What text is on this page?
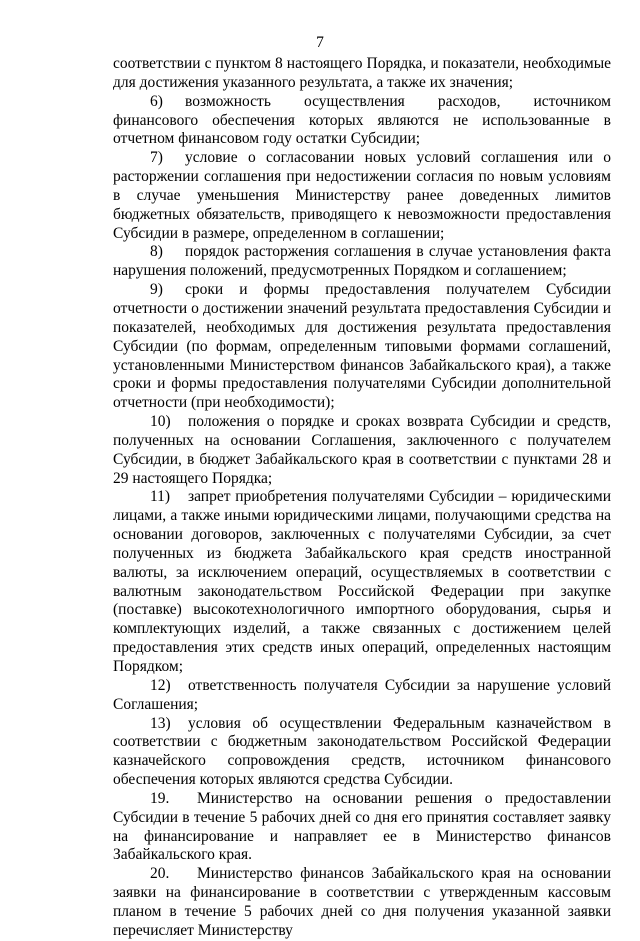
7

соответствии с пунктом 8 настоящего Порядка, и показатели, необходимые для достижения указанного результата, а также их значения;

6) возможность осуществления расходов, источником финансового обеспечения которых являются не использованные в отчетном финансовом году остатки Субсидии;

7) условие о согласовании новых условий соглашения или о расторжении соглашения при недостижении согласия по новым условиям в случае уменьшения Министерству ранее доведенных лимитов бюджетных обязательств, приводящего к невозможности предоставления Субсидии в размере, определенном в соглашении;

8) порядок расторжения соглашения в случае установления факта нарушения положений, предусмотренных Порядком и соглашением;

9) сроки и формы предоставления получателем Субсидии отчетности о достижении значений результата предоставления Субсидии и показателей, необходимых для достижения результата предоставления Субсидии (по формам, определенным типовыми формами соглашений, установленными Министерством финансов Забайкальского края), а также сроки и формы предоставления получателями Субсидии дополнительной отчетности (при необходимости);

10) положения о порядке и сроках возврата Субсидии и средств, полученных на основании Соглашения, заключенного с получателем Субсидии, в бюджет Забайкальского края в соответствии с пунктами 28 и 29 настоящего Порядка;

11) запрет приобретения получателями Субсидии – юридическими лицами, а также иными юридическими лицами, получающими средства на основании договоров, заключенных с получателями Субсидии, за счет полученных из бюджета Забайкальского края средств иностранной валюты, за исключением операций, осуществляемых в соответствии с валютным законодательством Российской Федерации при закупке (поставке) высокотехнологичного импортного оборудования, сырья и комплектующих изделий, а также связанных с достижением целей предоставления этих средств иных операций, определенных настоящим Порядком;

12) ответственность получателя Субсидии за нарушение условий Соглашения;

13) условия об осуществлении Федеральным казначейством в соответствии с бюджетным законодательством Российской Федерации казначейского сопровождения средств, источником финансового обеспечения которых являются средства Субсидии.

19. Министерство на основании решения о предоставлении Субсидии в течение 5 рабочих дней со дня его принятия составляет заявку на финансирование и направляет ее в Министерство финансов Забайкальского края.

20. Министерство финансов Забайкальского края на основании заявки на финансирование в соответствии с утвержденным кассовым планом в течение 5 рабочих дней со дня получения указанной заявки перечисляет Министерству
